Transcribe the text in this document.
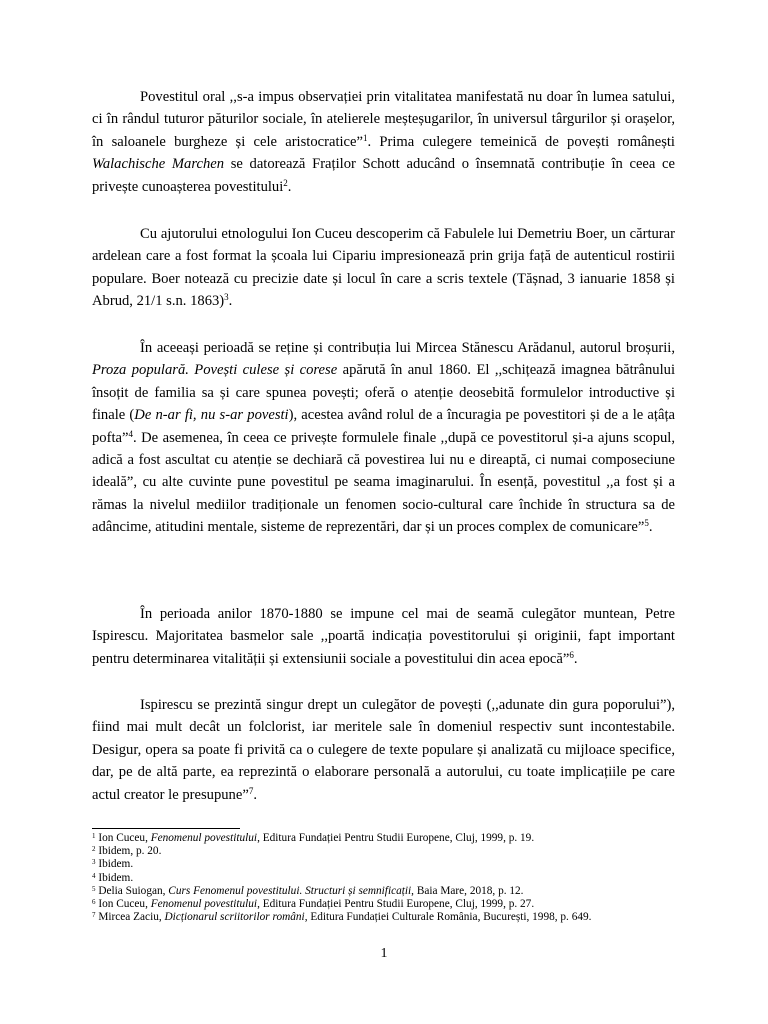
Povestitul oral ,,s-a impus observației prin vitalitatea manifestată nu doar în lumea satului, ci în rândul tuturor păturilor sociale, în atelierele meșteșugarilor, în universul târgurilor și orașelor, în saloanele burgheze și cele aristocratice”$^1$. Prima culegere temeinică de povești românești Walachische Marchen se datorează Fraților Schott aducând o însemnată contribuție în ceea ce privește cunoașterea povestitului$^2$.

Cu ajutorului etnologului Ion Cuceu descoperim că Fabulele lui Demetriu Boer, un cărturar ardelean care a fost format la școala lui Cipariu impresionează prin grija față de autenticul rostirii populare. Boer notează cu precizie date și locul în care a scris textele (Tășnad, 3 ianuarie 1858 și Abrud, 21/1 s.n. 1863)$^3$.

În aceeași perioadă se reține și contribuția lui Mircea Stănescu Arădanul, autorul broșurii, Proza populară. Povești culese și corese apărută în anul 1860. El ,,schițează imagnea bătrânului însoțit de familia sa și care spunea povești; oferă o atenție deosebită formulelor introductive și finale (De n-ar fi, nu s-ar povesti), acestea având rolul de a încuragia pe povestitori și de a le ațâța pofta”$^4$. De asemenea, în ceea ce privește formulele finale ,,după ce povestitorul și-a ajuns scopul, adică a fost ascultat cu atenție se dechiară că povestirea lui nu e direaptă, ci numai composeciune ideală”, cu alte cuvinte pune povestitul pe seama imaginarului. În esență, povestitul ,,a fost și a rămas la nivelul mediilor tradiționale un fenomen socio-cultural care închide în structura sa de adâncime, atitudini mentale, sisteme de reprezentări, dar și un proces complex de comunicare”$^5$.

În perioada anilor 1870-1880 se impune cel mai de seamă culegător muntean, Petre Ispirescu. Majoritatea basmelor sale ,,poartă indicația povestitorului și originii, fapt important pentru determinarea vitalității și extensiunii sociale a povestitului din acea epocă”$^6$.

Ispirescu se prezintă singur drept un culegător de povești (,,adunate din gura poporului”), fiind mai mult decât un folclorist, iar meritele sale în domeniul respectiv sunt incontestabile. Desigur, opera sa poate fi privită ca o culegere de texte populare și analizată cu mijloace specifice, dar, pe de altă parte, ea reprezintă o elaborare personală a autorului, cu toate implicațiile pe care actul creator le presupune”$^7$.

$^1$ Ion Cuceu, Fenomenul povestitului, Editura Fundației Pentru Studii Europene, Cluj, 1999, p. 19.
$^2$ Ibidem, p. 20.
$^3$ Ibidem.
$^4$ Ibidem.
$^5$ Delia Suiogan, Curs Fenomenul povestitului. Structuri și semnificații, Baia Mare, 2018, p. 12.
$^6$ Ion Cuceu, Fenomenul povestitului, Editura Fundației Pentru Studii Europene, Cluj, 1999, p. 27.
$^7$ Mircea Zaciu, Dicționarul scriitorilor români, Editura Fundației Culturale România, București, 1998, p. 649.
1
